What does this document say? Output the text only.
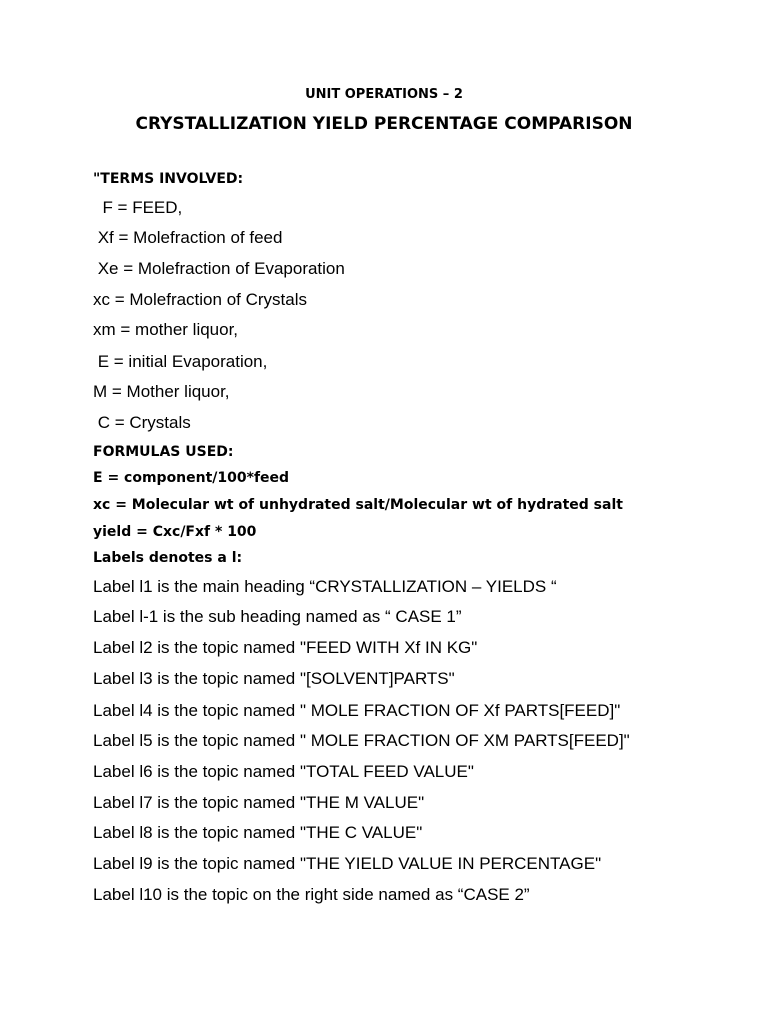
UNIT OPERATIONS – 2
CRYSTALLIZATION YIELD PERCENTAGE COMPARISON
"TERMS INVOLVED:
F = FEED,
Xf = Molefraction of feed
Xe = Molefraction of Evaporation
xc = Molefraction of Crystals
xm = mother liquor,
E = initial Evaporation,
M = Mother liquor,
C = Crystals
FORMULAS USED:
E = component/100*feed
xc = Molecular wt of unhydrated salt/Molecular wt of hydrated salt
yield = Cxc/Fxf * 100
Labels denotes a l:
Label l1 is the main heading “CRYSTALLIZATION – YIELDS “
Label l-1 is the sub heading named as “ CASE 1”
Label l2 is the topic named "FEED WITH Xf IN KG"
Label l3 is the topic named "[SOLVENT]PARTS"
Label l4 is the topic named " MOLE FRACTION OF Xf PARTS[FEED]"
Label l5 is the topic named " MOLE FRACTION OF XM PARTS[FEED]"
Label l6 is the topic named "TOTAL FEED VALUE"
Label l7 is the topic named "THE M VALUE"
Label l8 is the topic named "THE C VALUE"
Label l9 is the topic named "THE YIELD VALUE IN PERCENTAGE"
Label l10 is the topic on the right side named as “CASE 2”
